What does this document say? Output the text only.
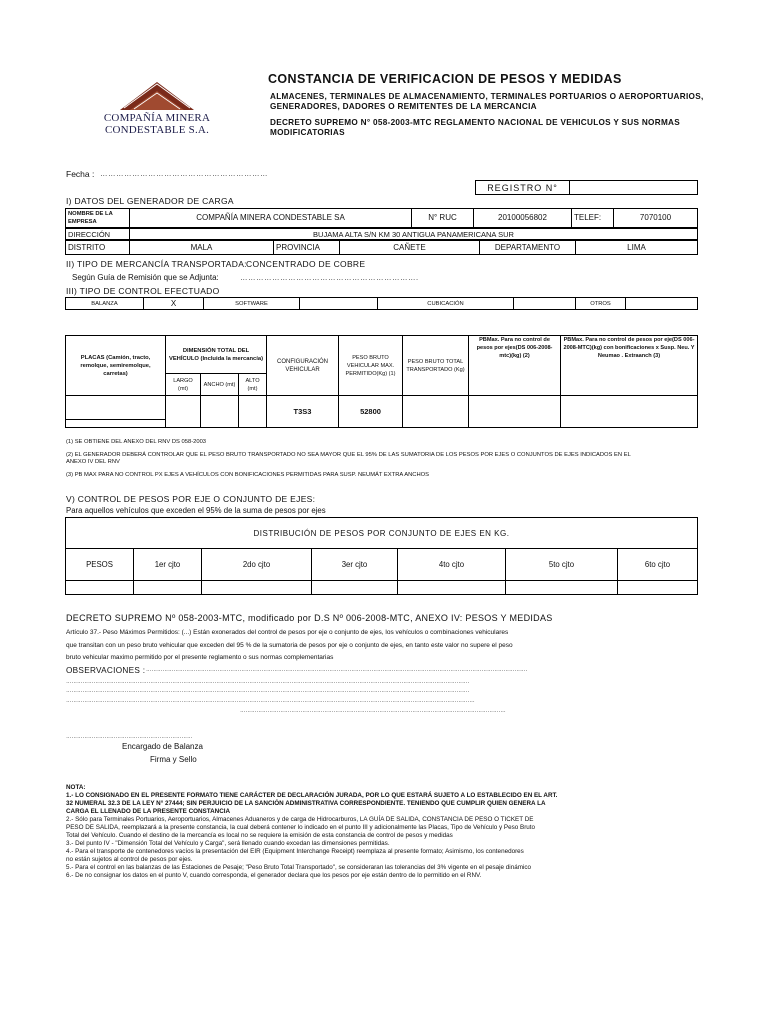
COMPAÑÍA MINERA
CONDESTABLE S.A.
CONSTANCIA DE VERIFICACION DE PESOS Y MEDIDAS
ALMACENES, TERMINALES DE ALMACENAMIENTO, TERMINALES PORTUARIOS O AEROPORTUARIOS, GENERADORES, DADORES O REMITENTES DE LA MERCANCIA
DECRETO SUPREMO N° 058-2003-MTC REGLAMENTO NACIONAL DE VEHICULOS Y SUS NORMAS MODIFICATORIAS
Fecha : ………………………………………………………
REGISTRO N°	
I) DATOS DEL GENERADOR DE CARGA
NOMBRE DE LA EMPRESA	COMPAÑÍA MINERA CONDESTABLE SA	N° RUC	20100056802	TELEF:	7070100
DIRECCIÓN	BUJAMA ALTA S/N KM 30 ANTIGUA PANAMERICANA SUR
DISTRITO	MALA	PROVINCIA	CAÑETE	DEPARTAMENTO	LIMA
II) TIPO DE MERCANCÍA TRANSPORTADA: CONCENTRADO DE COBRE
Según Guía de Remisión que se Adjunta:	………………………………………………………….
III) TIPO DE CONTROL EFECTUADO
BALANZA	X	SOFTWARE		CUBICACIÓN		OTROS	
PLACAS (Camión, tracto, remolque, semiremolque, carretas)	DIMENSIÓN TOTAL DEL VEHÍCULO (Incluida la mercancía)			CONFIGURACIÓN VEHICULAR	PESO BRUTO VEHICULAR MAX. PERMITIDO(Kg) (1)	PESO BRUTO TOTAL TRANSPORTADO (Kg)	PBMax. Para no control de pesos por ejes(DS 006-2008-mtc)(kg) (2)	PBMax. Para no control de pesos por eje(DS 006-2008-MTC)(kg) con bonificaciones x Susp. Neu. Y Neumao . Extraanch (3)
	LARGO (mt)	ANCHO (mt)	ALTO (mt)					

				T3S3	52800			
(1) SE OBTIENE DEL ANEXO DEL RNV DS 058-2003
(2) EL GENERADOR DEBERÁ CONTROLAR QUE EL PESO BRUTO TRANSPORTADO NO SEA MAYOR QUE EL 95% DE LAS SUMATORIA DE LOS PESOS POR EJES O CONJUNTOS DE EJES INDICADOS EN EL
ANEXO IV DEL RNV
(3) PB MAX PARA NO CONTROL PX EJES A VEHÍCULOS CON BONIFICACIONES PERMITIDAS PARA SUSP. NEUMÁT EXTRA ANCHOS
V) CONTROL DE PESOS POR EJE O CONJUNTO DE EJES:
Para aquellos vehículos que exceden el 95% de la suma de pesos por ejes
DISTRIBUCIÓN DE PESOS POR CONJUNTO DE EJES EN KG.						
PESOS	1er cjto	2do cjto	3er cjto	4to cjto	5to cjto	6to cjto

DECRETO SUPREMO Nº 058-2003-MTC, modificado por D.S Nº 006-2008-MTC, ANEXO IV: PESOS Y MEDIDAS
Artículo 37.- Peso Máximos Permitidos: (...) Están exonerados del control de pesos por eje o conjunto de ejes, los vehículos o combinaciones vehiculares
que transitan con un peso bruto vehicular que exceden del 95 % de la sumatoria de pesos por eje o conjunto de ejes, en tanto este valor no supere el peso
bruto vehicular maximo permitido por el presente reglamento o sus normas complementarias
OBSERVACIONES : ……………………………………………………………………………………………………………………………………………………………………………………….
………………………………………………………………………………………………………………………………………………………………………………………………….
………………………………………………………………………………………………………………………………………………………………………………………………….
…………………………………………………………………………………………………………………………………………………………………………………………………….
……………………………………………………………………………………………………………………………….
……………………………………………………………
Encargado de Balanza
Firma y Sello
NOTA:
1.- LO CONSIGNADO EN EL PRESENTE FORMATO TIENE CARÁCTER DE DECLARACIÓN JURADA, POR LO QUE ESTARÁ SUJETO A LO ESTABLECIDO EN EL ART.
32 NUMERAL 32.3 DE LA LEY N° 27444; SIN PERJUICIO DE LA SANCIÓN ADMINISTRATIVA CORRESPONDIENTE. TENIENDO QUE CUMPLIR QUIEN GENERA LA
CARGA EL LLENADO DE LA PRESENTE CONSTANCIA
2.- Sólo para Terminales Portuarios, Aeroportuarios, Almacenes Aduaneros y de carga de Hidrocarburos, LA GUÍA DE SALIDA, CONSTANCIA DE PESO O TICKET DE
PESO DE SALIDA, reemplazará a la presente constancia, la cual deberá contener lo indicado en el punto III y adicionalmente las Placas, Tipo de Vehículo y Peso Bruto
Total del Vehículo. Cuando el destino de la mercancía es local no se requiere la emisión de esta constancia de control de pesos y medidas
3.- Del punto IV - "Dimensión Total del Vehículo y Carga", será llenado cuando excedan las dimensiones permitidas.
4.- Para el transporte de contenedores vacíos la presentación del EIR (Equipment Interchange Receipt) reemplaza al presente formato; Asimismo, los contenedores
no están sujetos al control de pesos por ejes.
5.- Para el control en las balanzas de las Estaciones de Pesaje; "Peso Bruto Total Transportado", se consideraran las tolerancias del 3% vigente en el pesaje dinámico
6.- De no consignar los datos en el punto V, cuando corresponda, el generador declara que los pesos por eje están dentro de lo permitido en el RNV.
